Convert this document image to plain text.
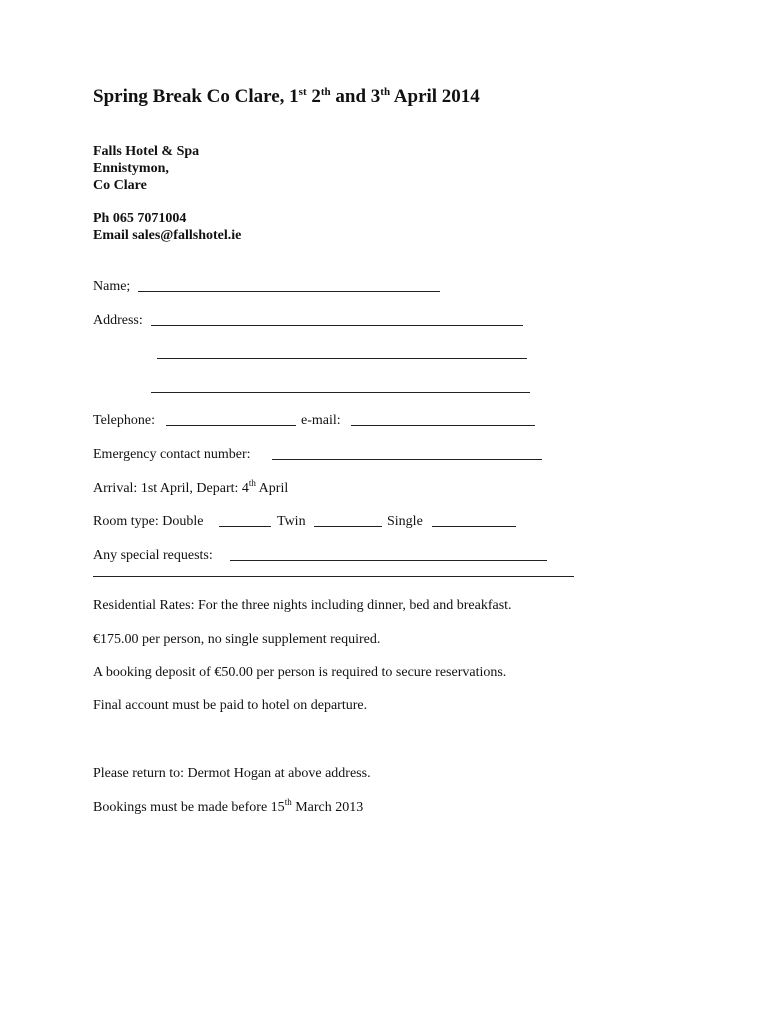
Spring Break Co Clare, 1st 2th and 3th April 2014
Falls Hotel & Spa
Ennistymon,
Co Clare
Ph 065 7071004
Email sales@fallshotel.ie
Name;
Address:
Telephone:	e-mail:
Emergency contact number:
Arrival: 1st April, Depart: 4th April
Room type: Double	Twin	Single
Any special requests:
Residential Rates: For the three nights including dinner, bed and breakfast.
€175.00 per person, no single supplement required.
A booking deposit of €50.00 per person is required to secure reservations.
Final account must be paid to hotel on departure.
Please return to: Dermot Hogan at above address.
Bookings must be made before 15th March 2013
